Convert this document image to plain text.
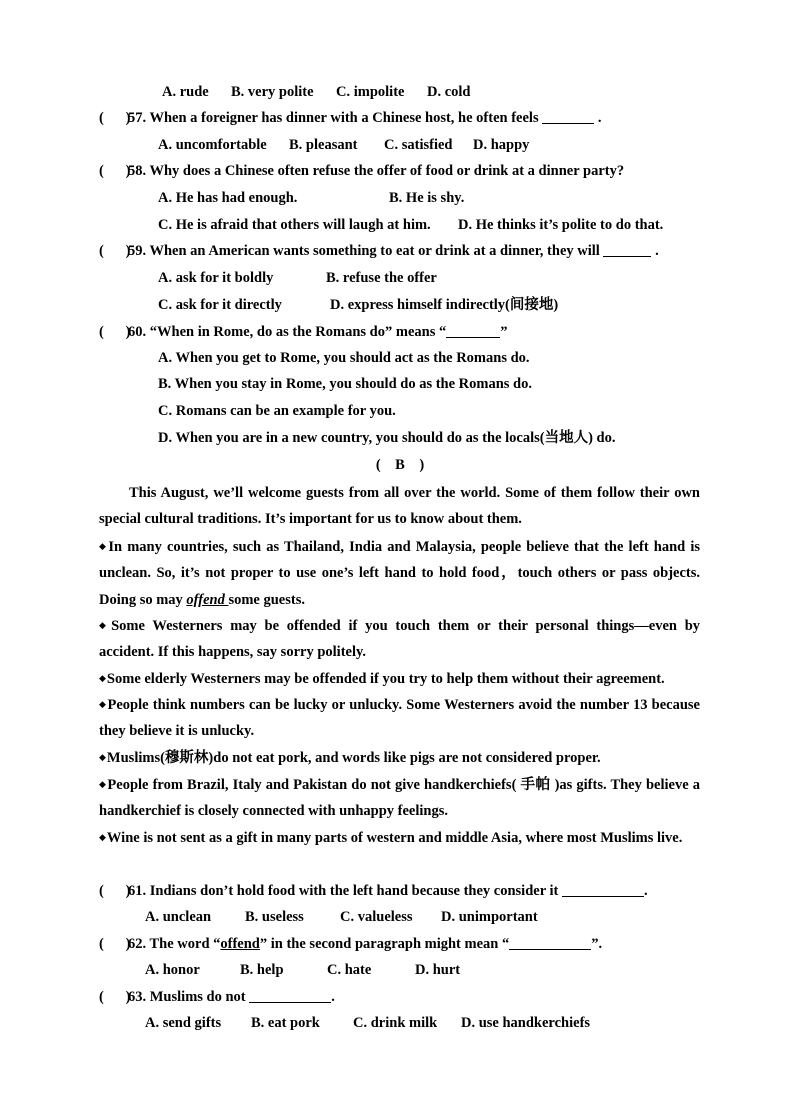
A. rude B. very polite C. impolite D. cold
(      )
57. When a foreigner has dinner with a Chinese host, he often feels	.
A. uncomfortable B. pleasant C. satisfied D. happy
(      )
58. Why does a Chinese often refuse the offer of food or drink at a dinner party?
A. He has had enough.	B. He is shy.
C. He is afraid that others will laugh at him. D. He thinks it’s polite to do that.
(      )
59. When an American wants something to eat or drink at a dinner, they will	.
A. ask for it boldly	B. refuse the offer
C. ask for it directly	D. express himself indirectly(间接地)
(      )
60. “When in Rome, do as the Romans do” means “	”
A. When you get to Rome, you should act as the Romans do.
B. When you stay in Rome, you should do as the Romans do.
C. Romans can be an example for you.
D. When you are in a new country, you should do as the locals(当地人) do.
(    B    )

This August, we’ll welcome guests from all over the world. Some of them follow their own special cultural traditions. It’s important for us to know about them.

◆In many countries, such as Thailand, India and Malaysia, people believe that the left hand is unclean. So, it’s not proper to use one’s left hand to hold food，touch others or pass objects. Doing so may offend some guests.

◆Some Westerners may be offended if you touch them or their personal things—even by accident. If this happens, say sorry politely.

◆Some elderly Westerners may be offended if you try to help them without their agreement.

◆People think numbers can be lucky or unlucky. Some Westerners avoid the number 13 because they believe it is unlucky.

◆Muslims(穆斯林)do not eat pork, and words like pigs are not considered proper.

◆People from Brazil, Italy and Pakistan do not give handkerchiefs( 手帕 )as gifts. They believe a handkerchief is closely connected with unhappy feelings.

◆Wine is not sent as a gift in many parts of western and middle Asia, where most Muslims live.

(      )
61. Indians don’t hold food with the left hand because they consider it	.
A. unclean B. useless C. valueless D. unimportant
(      )
62. The word “offend” in the second paragraph might mean “	”.
A. honor	B. help	C. hate	D. hurt
(      )
63. Muslims do not	.
A. send gifts B. eat pork C. drink milk D. use handkerchiefs
